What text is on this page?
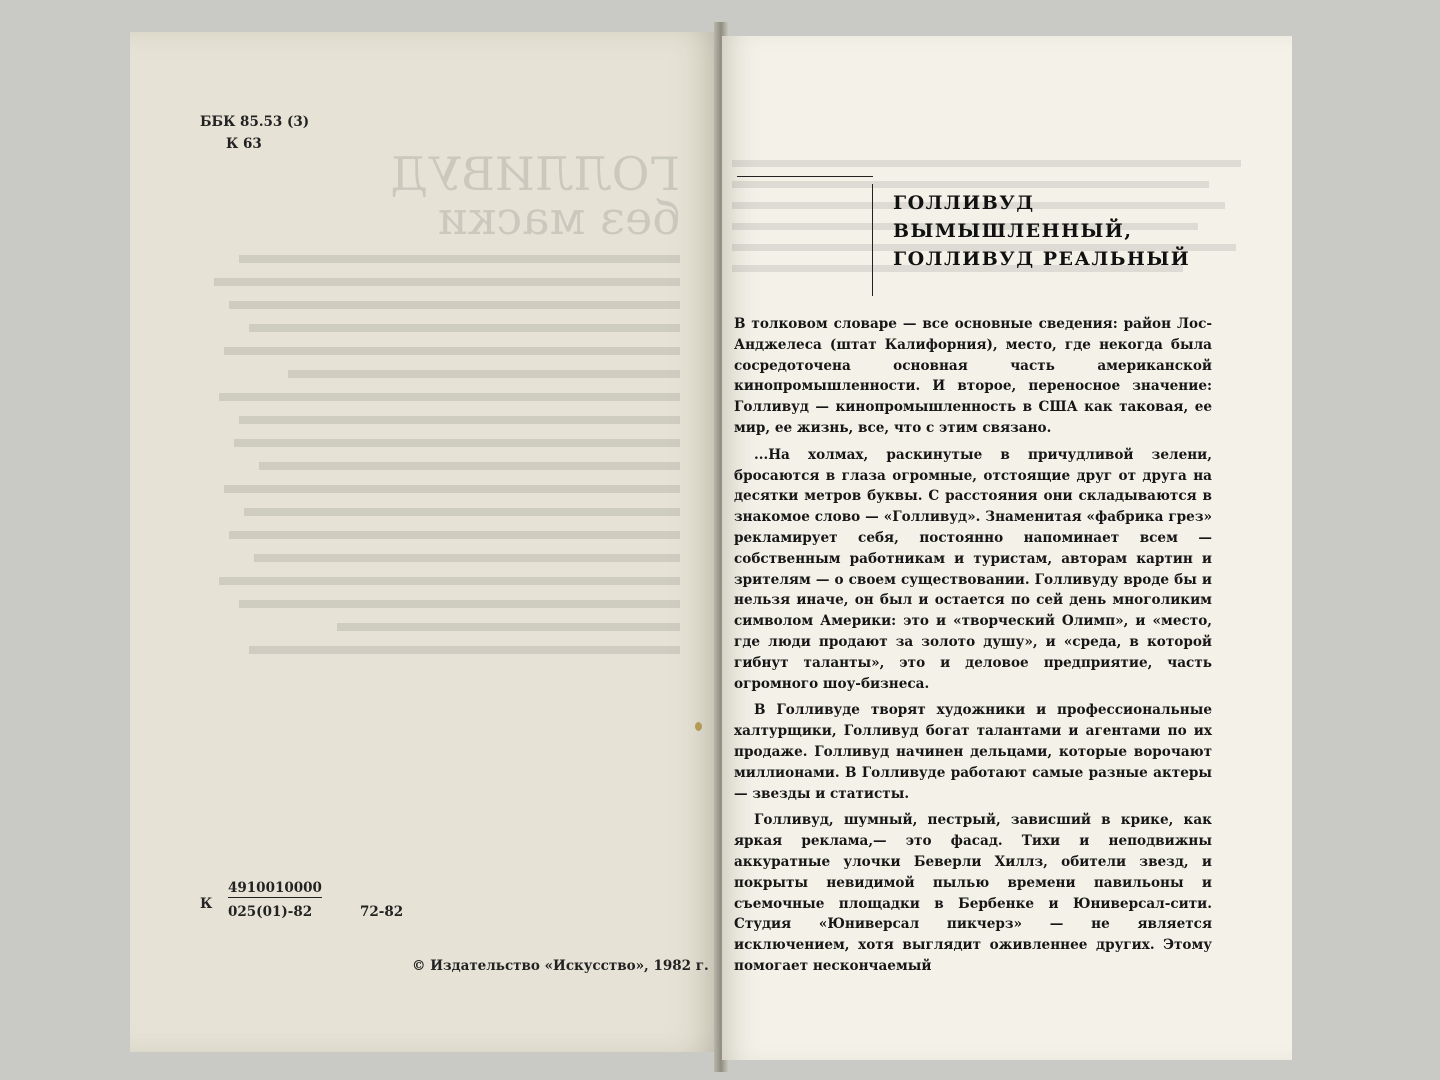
ГОЛЛИВУД
без маски
ББК 85.53 (3)
К 63
К
4910010000
025(01)-82	72-82
© Издательство «Искусство», 1982 г.
ГОЛЛИВУД
ВЫМЫШЛЕННЫЙ,
ГОЛЛИВУД РЕАЛЬНЫЙ

В толковом словаре — все основные сведения: район Лос-Анджелеса (штат Калифорния), место, где некогда была сосредоточена основная часть американской кинопромышленности. И второе, переносное значение: Голливуд — кинопромышленность в США как таковая, ее мир, ее жизнь, все, что с этим связано.

...На холмах, раскинутые в причудливой зелени, бросаются в глаза огромные, отстоящие друг от друга на десятки метров буквы. С расстояния они складываются в знакомое слово — «Голливуд». Знаменитая «фабрика грез» рекламирует себя, постоянно напоминает всем — собственным работникам и туристам, авторам картин и зрителям — о своем существовании. Голливуду вроде бы и нельзя иначе, он был и остается по сей день многоликим символом Америки: это и «творческий Олимп», и «место, где люди продают за золото душу», и «среда, в которой гибнут таланты», это и деловое предприятие, часть огромного шоу-бизнеса.

В Голливуде творят художники и профессиональные халтурщики, Голливуд богат талантами и агентами по их продаже. Голливуд начинен дельцами, которые ворочают миллионами. В Голливуде работают самые разные актеры — звезды и статисты.

Голливуд, шумный, пестрый, зависший в крике, как яркая реклама,— это фасад. Тихи и неподвижны аккуратные улочки Беверли Хиллз, обители звезд, и покрыты невидимой пылью времени павильоны и съемочные площадки в Бербенке и Юниверсал-сити. Студия «Юниверсал пикчерз» — не является исключением, хотя выглядит оживленнее других. Этому помогает нескончаемый
